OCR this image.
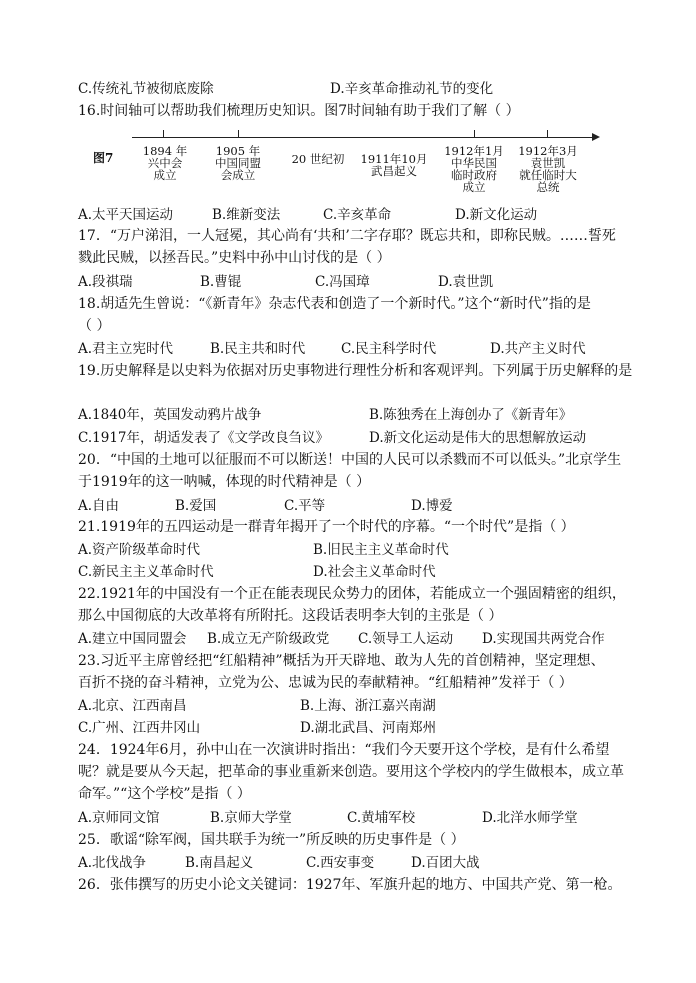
C.传统礼节被彻底废除	D.辛亥革命推动礼节的变化
16.时间轴可以帮助我们梳理历史知识。图7时间轴有助于我们了解（ ）
图7	1894 年
兴中会
成立
1905 年
中国同盟
会成立
20 世纪初	1911年10月
武昌起义
1912年1月
中华民国
临时政府
成立
1912年3月
袁世凯
就任临时大
总统
A.太平天国运动	B.维新变法	C.辛亥革命	D.新文化运动
17．“万户涕泪，一人冠冕，其心尚有‘共和’二字存耶？既忘共和，即称民贼。……誓死
戮此民贼，以拯吾民。”史料中孙中山讨伐的是（ ）
A.段祺瑞	B.曹锟	C.冯国璋	D.袁世凯
18.胡适先生曾说：“《新青年》杂志代表和创造了一个新时代。”这个“新时代”指的是
（ ）
A.君主立宪时代	B.民主共和时代	C.民主科学时代	D.共产主义时代
19.历史解释是以史料为依据对历史事物进行理性分析和客观评判。下列属于历史解释的是
A.1840年，英国发动鸦片战争	B.陈独秀在上海创办了《新青年》
C.1917年，胡适发表了《文学改良刍议》	D.新文化运动是伟大的思想解放运动
20．“中国的土地可以征服而不可以断送！中国的人民可以杀戮而不可以低头。”北京学生
于1919年的这一呐喊，体现的时代精神是（ ）
A.自由	B.爱国	C.平等	D.博爱
21.1919年的五四运动是一群青年揭开了一个时代的序幕。“一个时代”是指（ ）
A.资产阶级革命时代	B.旧民主主义革命时代
C.新民主主义革命时代	D.社会主义革命时代
22.1921年的中国没有一个正在能表现民众势力的团体，若能成立一个强固精密的组织，
那么中国彻底的大改革将有所附托。这段话表明李大钊的主张是（ ）
A.建立中国同盟会 B.成立无产阶级政党 C.领导工人运动 D.实现国共两党合作
23.习近平主席曾经把“红船精神”概括为开天辟地、敢为人先的首创精神，坚定理想、
百折不挠的奋斗精神，立党为公、忠诚为民的奉献精神。“红船精神”发祥于（ ）
A.北京、江西南昌	B.上海、浙江嘉兴南湖
C.广州、江西井冈山	D.湖北武昌、河南郑州
24．1924年6月，孙中山在一次演讲时指出：“我们今天要开这个学校，是有什么希望
呢？就是要从今天起，把革命的事业重新来创造。要用这个学校内的学生做根本，成立革
命军。”“这个学校”是指（ ）
A.京师同文馆	B.京师大学堂	C.黄埔军校	D.北洋水师学堂
25．歌谣“除军阀，国共联手为统一”所反映的历史事件是（ ）
A.北伐战争	B.南昌起义	C.西安事变	D.百团大战
26．张伟撰写的历史小论文关键词：1927年、军旗升起的地方、中国共产党、第一枪。
